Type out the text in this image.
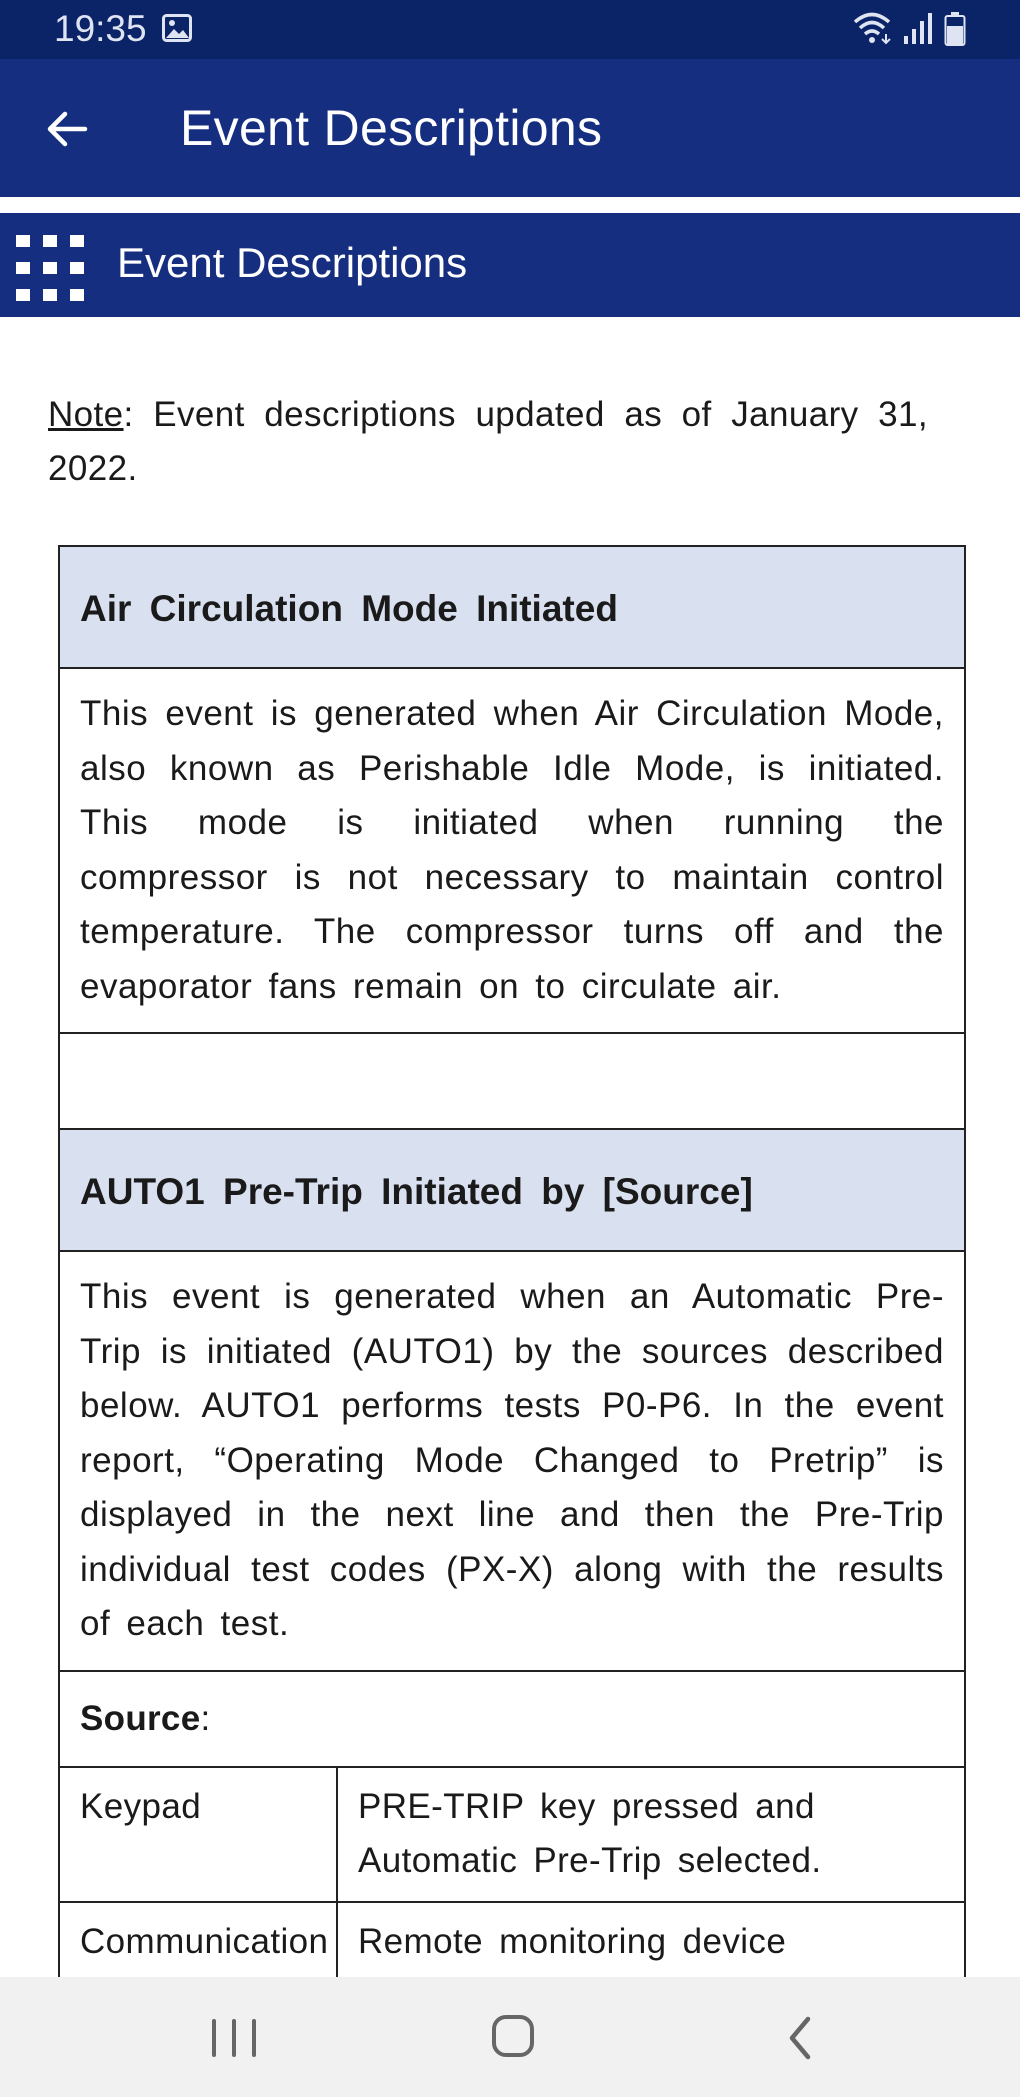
19:35
Event Descriptions
Event Descriptions

Note: Event descriptions updated as of January 31, 2022.

Air Circulation Mode Initiated	
This event is generated when Air Circulation Mode, also known as Perishable Idle Mode, is initiated. This mode is initiated when running the compressor is not necessary to maintain control temperature. The compressor turns off and the evaporator fans remain on to circulate air.	

AUTO1 Pre-Trip Initiated by [Source]	
This event is generated when an Automatic Pre-Trip is initiated (AUTO1) by the sources described below. AUTO1 performs tests P0-P6. In the event report, “Operating Mode Changed to Pretrip” is displayed in the next line and then the Pre-Trip individual test codes (PX-X) along with the results of each test.	
Source:	
Keypad	PRE-TRIP key pressed and Automatic Pre-Trip selected.
Communication	Remote monitoring device
